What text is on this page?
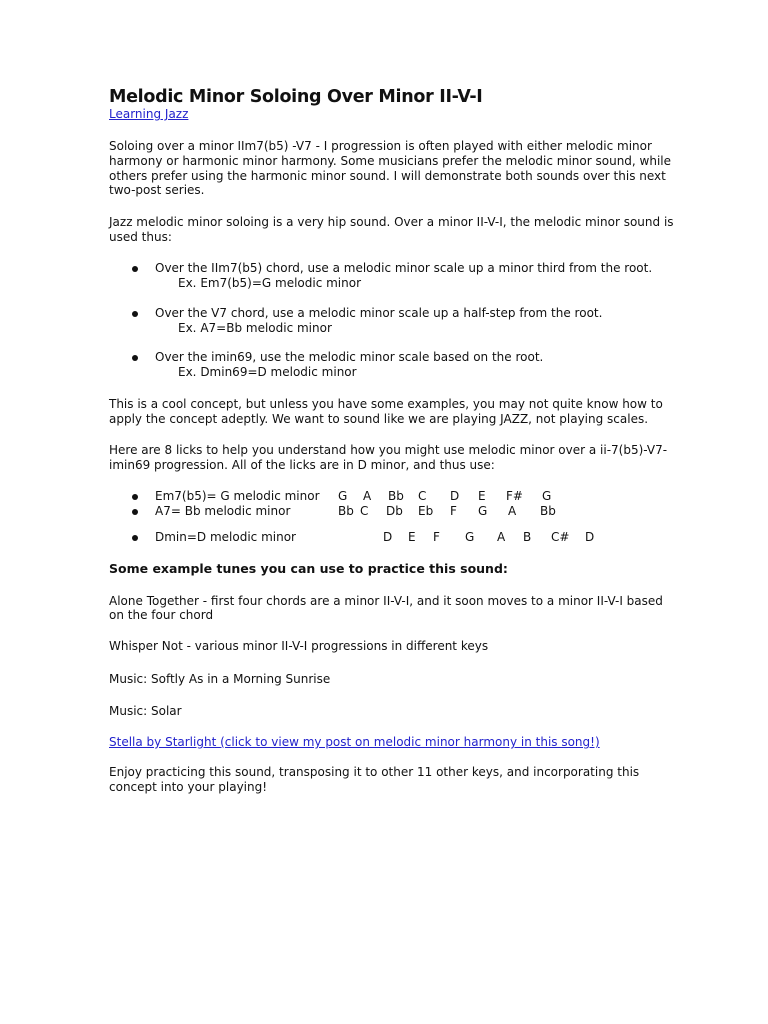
Melodic Minor Soloing Over Minor II-V-I
Learning Jazz
Soloing over a minor IIm7(b5) -V7 - I progression is often played with either melodic minor
harmony or harmonic minor harmony. Some musicians prefer the melodic minor sound, while
others prefer using the harmonic minor sound. I will demonstrate both sounds over this next
two-post series.
Jazz melodic minor soloing is a very hip sound. Over a minor II-V-I, the melodic minor sound is
used thus:
Over the IIm7(b5) chord, use a melodic minor scale up a minor third from the root.
Ex. Em7(b5)=G melodic minor
Over the V7 chord, use a melodic minor scale up a half-step from the root.
Ex. A7=Bb melodic minor
Over the imin69, use the melodic minor scale based on the root.
Ex. Dmin69=D melodic minor
This is a cool concept, but unless you have some examples, you may not quite know how to
apply the concept adeptly. We want to sound like we are playing JAZZ, not playing scales.
Here are 8 licks to help you understand how you might use melodic minor over a ii-7(b5)-V7-
imin69 progression. All of the licks are in D minor, and thus use:
Em7(b5)= G melodic minor G A Bb C D E F# G
A7= Bb melodic minor	Bb C Db Eb F G A Bb
Dmin=D melodic minor	D E F G A B C# D
Some example tunes you can use to practice this sound:
Alone Together - first four chords are a minor II-V-I, and it soon moves to a minor II-V-I based
on the four chord
Whisper Not - various minor II-V-I progressions in different keys
Music: Softly As in a Morning Sunrise
Music: Solar
Stella by Starlight (click to view my post on melodic minor harmony in this song!)
Enjoy practicing this sound, transposing it to other 11 other keys, and incorporating this
concept into your playing!
